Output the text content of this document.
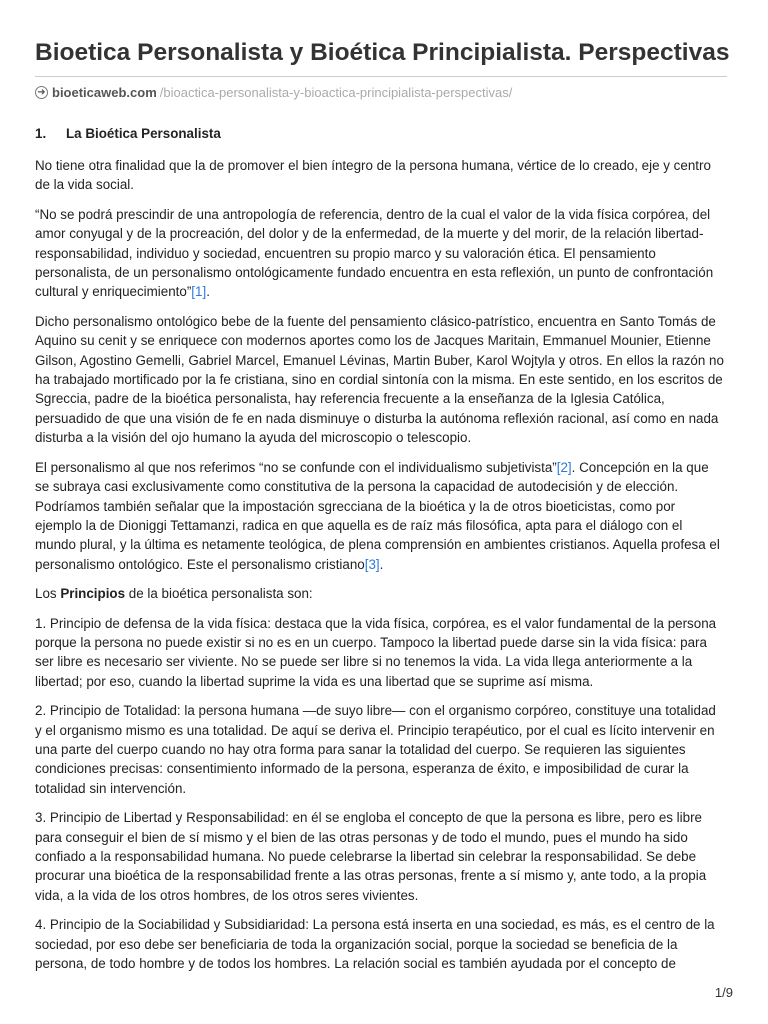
Bioetica Personalista y Bioética Principialista. Perspectivas
➜ bioeticaweb.com /bioactica-personalista-y-bioactica-principialista-perspectivas/
1. La Bioética Personalista

No tiene otra finalidad que la de promover el bien íntegro de la persona humana, vértice de lo creado, eje y centro de la vida social.

“No se podrá prescindir de una antropología de referencia, dentro de la cual el valor de la vida física corpórea, del amor conyugal y de la procreación, del dolor y de la enfermedad, de la muerte y del morir, de la relación libertad-responsabilidad, individuo y sociedad, encuentren su propio marco y su valoración ética. El pensamiento personalista, de un personalismo ontológicamente fundado encuentra en esta reflexión, un punto de confrontación cultural y enriquecimiento”[1].

Dicho personalismo ontológico bebe de la fuente del pensamiento clásico-patrístico, encuentra en Santo Tomás de Aquino su cenit y se enriquece con modernos aportes como los de Jacques Maritain, Emmanuel Mounier, Etienne Gilson, Agostino Gemelli, Gabriel Marcel, Emanuel Lévinas, Martin Buber, Karol Wojtyla y otros. En ellos la razón no ha trabajado mortificado por la fe cristiana, sino en cordial sintonía con la misma. En este sentido, en los escritos de Sgreccia, padre de la bioética personalista, hay referencia frecuente a la enseñanza de la Iglesia Católica, persuadido de que una visión de fe en nada disminuye o disturba la autónoma reflexión racional, así como en nada disturba a la visión del ojo humano la ayuda del microscopio o telescopio.

El personalismo al que nos referimos “no se confunde con el individualismo subjetivista”[2]. Concepción en la que se subraya casi exclusivamente como constitutiva de la persona la capacidad de autodecisión y de elección. Podríamos también señalar que la impostación sgrecciana de la bioética y la de otros bioeticistas, como por ejemplo la de Dioniggi Tettamanzi, radica en que aquella es de raíz más filosófica, apta para el diálogo con el mundo plural, y la última es netamente teológica, de plena comprensión en ambientes cristianos. Aquella profesa el personalismo ontológico. Este el personalismo cristiano[3].

Los Principios de la bioética personalista son:

1. Principio de defensa de la vida física: destaca que la vida física, corpórea, es el valor fundamental de la persona porque la persona no puede existir si no es en un cuerpo. Tampoco la libertad puede darse sin la vida física: para ser libre es necesario ser viviente. No se puede ser libre si no tenemos la vida. La vida llega anteriormente a la libertad; por eso, cuando la libertad suprime la vida es una libertad que se suprime así misma.

2. Principio de Totalidad: la persona humana —de suyo libre— con el organismo corpóreo, constituye una totalidad y el organismo mismo es una totalidad. De aquí se deriva el. Principio terapéutico, por el cual es lícito intervenir en una parte del cuerpo cuando no hay otra forma para sanar la totalidad del cuerpo. Se requieren las siguientes condiciones precisas: consentimiento informado de la persona, esperanza de éxito, e imposibilidad de curar la totalidad sin intervención.

3. Principio de Libertad y Responsabilidad: en él se engloba el concepto de que la persona es libre, pero es libre para conseguir el bien de sí mismo y el bien de las otras personas y de todo el mundo, pues el mundo ha sido confiado a la responsabilidad humana. No puede celebrarse la libertad sin celebrar la responsabilidad. Se debe procurar una bioética de la responsabilidad frente a las otras personas, frente a sí mismo y, ante todo, a la propia vida, a la vida de los otros hombres, de los otros seres vivientes.

4. Principio de la Sociabilidad y Subsidiaridad: La persona está inserta en una sociedad, es más, es el centro de la sociedad, por eso debe ser beneficiaria de toda la organización social, porque la sociedad se beneficia de la persona, de todo hombre y de todos los hombres. La relación social es también ayudada por el concepto de

1/9
